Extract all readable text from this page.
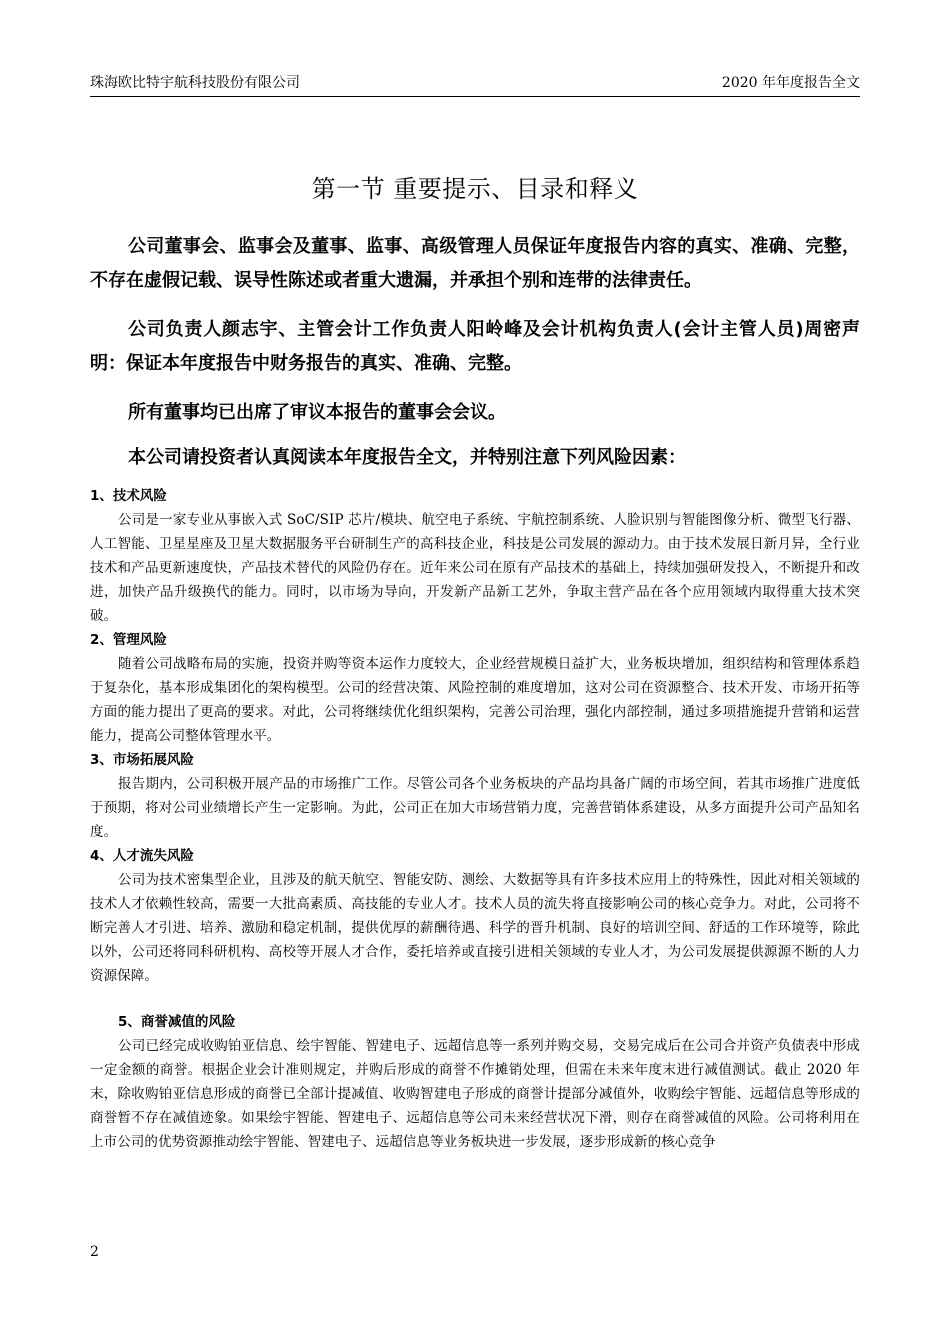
珠海欧比特宇航科技股份有限公司	2020 年年度报告全文
第一节 重要提示、目录和释义

公司董事会、监事会及董事、监事、高级管理人员保证年度报告内容的真实、准确、完整，不存在虚假记载、误导性陈述或者重大遗漏，并承担个别和连带的法律责任。

公司负责人颜志宇、主管会计工作负责人阳岭峰及会计机构负责人(会计主管人员)周密声明：保证本年度报告中财务报告的真实、准确、完整。

所有董事均已出席了审议本报告的董事会会议。

本公司请投资者认真阅读本年度报告全文，并特别注意下列风险因素：

1、技术风险

公司是一家专业从事嵌入式 SoC/SIP 芯片/模块、航空电子系统、宇航控制系统、人脸识别与智能图像分析、微型飞行器、人工智能、卫星星座及卫星大数据服务平台研制生产的高科技企业，科技是公司发展的源动力。由于技术发展日新月异，全行业技术和产品更新速度快，产品技术替代的风险仍存在。近年来公司在原有产品技术的基础上，持续加强研发投入，不断提升和改进，加快产品升级换代的能力。同时，以市场为导向，开发新产品新工艺外，争取主营产品在各个应用领域内取得重大技术突破。

2、管理风险

随着公司战略布局的实施，投资并购等资本运作力度较大，企业经营规模日益扩大，业务板块增加，组织结构和管理体系趋于复杂化，基本形成集团化的架构模型。公司的经营决策、风险控制的难度增加，这对公司在资源整合、技术开发、市场开拓等方面的能力提出了更高的要求。对此，公司将继续优化组织架构，完善公司治理，强化内部控制，通过多项措施提升营销和运营能力，提高公司整体管理水平。

3、市场拓展风险

报告期内，公司积极开展产品的市场推广工作。尽管公司各个业务板块的产品均具备广阔的市场空间，若其市场推广进度低于预期，将对公司业绩增长产生一定影响。为此，公司正在加大市场营销力度，完善营销体系建设，从多方面提升公司产品知名度。

4、人才流失风险

公司为技术密集型企业，且涉及的航天航空、智能安防、测绘、大数据等具有许多技术应用上的特殊性，因此对相关领域的技术人才依赖性较高，需要一大批高素质、高技能的专业人才。技术人员的流失将直接影响公司的核心竞争力。对此，公司将不断完善人才引进、培养、激励和稳定机制，提供优厚的薪酬待遇、科学的晋升机制、良好的培训空间、舒适的工作环境等，除此以外，公司还将同科研机构、高校等开展人才合作，委托培养或直接引进相关领域的专业人才，为公司发展提供源源不断的人力资源保障。

5、商誉减值的风险

公司已经完成收购铂亚信息、绘宇智能、智建电子、远超信息等一系列并购交易，交易完成后在公司合并资产负债表中形成一定金额的商誉。根据企业会计准则规定，并购后形成的商誉不作摊销处理，但需在未来年度末进行减值测试。截止 2020 年末，除收购铂亚信息形成的商誉已全部计提减值、收购智建电子形成的商誉计提部分减值外，收购绘宇智能、远超信息等形成的商誉暂不存在减值迹象。如果绘宇智能、智建电子、远超信息等公司未来经营状况下滑，则存在商誉减值的风险。公司将利用在上市公司的优势资源推动绘宇智能、智建电子、远超信息等业务板块进一步发展，逐步形成新的核心竞争

2
